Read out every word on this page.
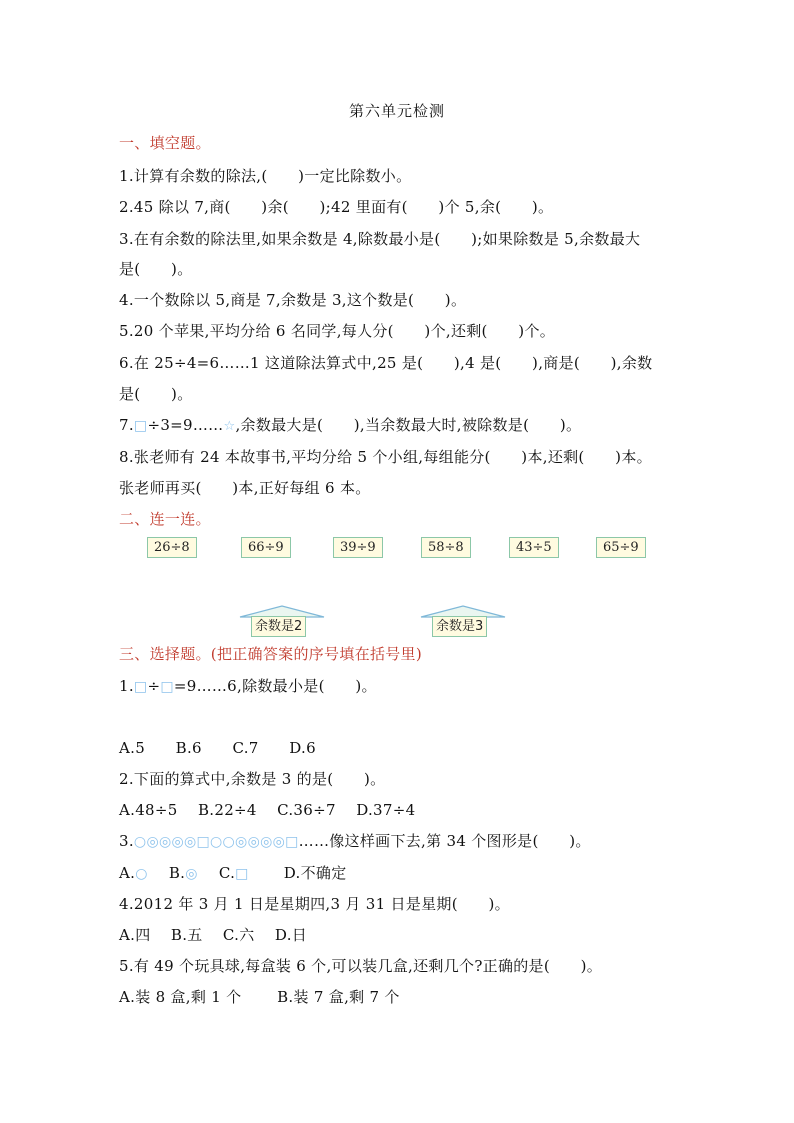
第六单元检测
一、填空题。
1.计算有余数的除法,(　　)一定比除数小。
2.45 除以 7,商(　　)余(　　);42 里面有(　　)个 5,余(　　)。
3.在有余数的除法里,如果余数是 4,除数最小是(　　);如果除数是 5,余数最大
是(　　)。
4.一个数除以 5,商是 7,余数是 3,这个数是(　　)。
5.20 个苹果,平均分给 6 名同学,每人分(　　)个,还剩(　　)个。
6.在 25÷4=6……1 这道除法算式中,25 是(　　),4 是(　　),商是(　　),余数
是(　　)。
7.□÷3=9……☆,余数最大是(　　),当余数最大时,被除数是(　　)。
8.张老师有 24 本故事书,平均分给 5 个小组,每组能分(　　)本,还剩(　　)本。
张老师再买(　　)本,正好每组 6 本。
二、连一连。
26÷8	66÷9	39÷9	58÷8	43÷5	65÷9
余数是2	余数是3
三、选择题。(把正确答案的序号填在括号里)
1.□÷□=9……6,除数最小是(　　)。
A.5　　B.6　　C.7　　D.6
2.下面的算式中,余数是 3 的是(　　)。
A.48÷5　 B.22÷4　 C.36÷7　 D.37÷4
3.○◎◎◎◎□○○◎◎◎◎□……像这样画下去,第 34 个图形是(　　)。
A.○ B.◎ C.□ D.不确定
4.2012 年 3 月 1 日是星期四,3 月 31 日是星期(　　)。
A.四　 B.五　 C.六　 D.日
5.有 49 个玩具球,每盒装 6 个,可以装几盒,还剩几个?正确的是(　　)。
A.装 8 盒,剩 1 个　　 B.装 7 盒,剩 7 个
